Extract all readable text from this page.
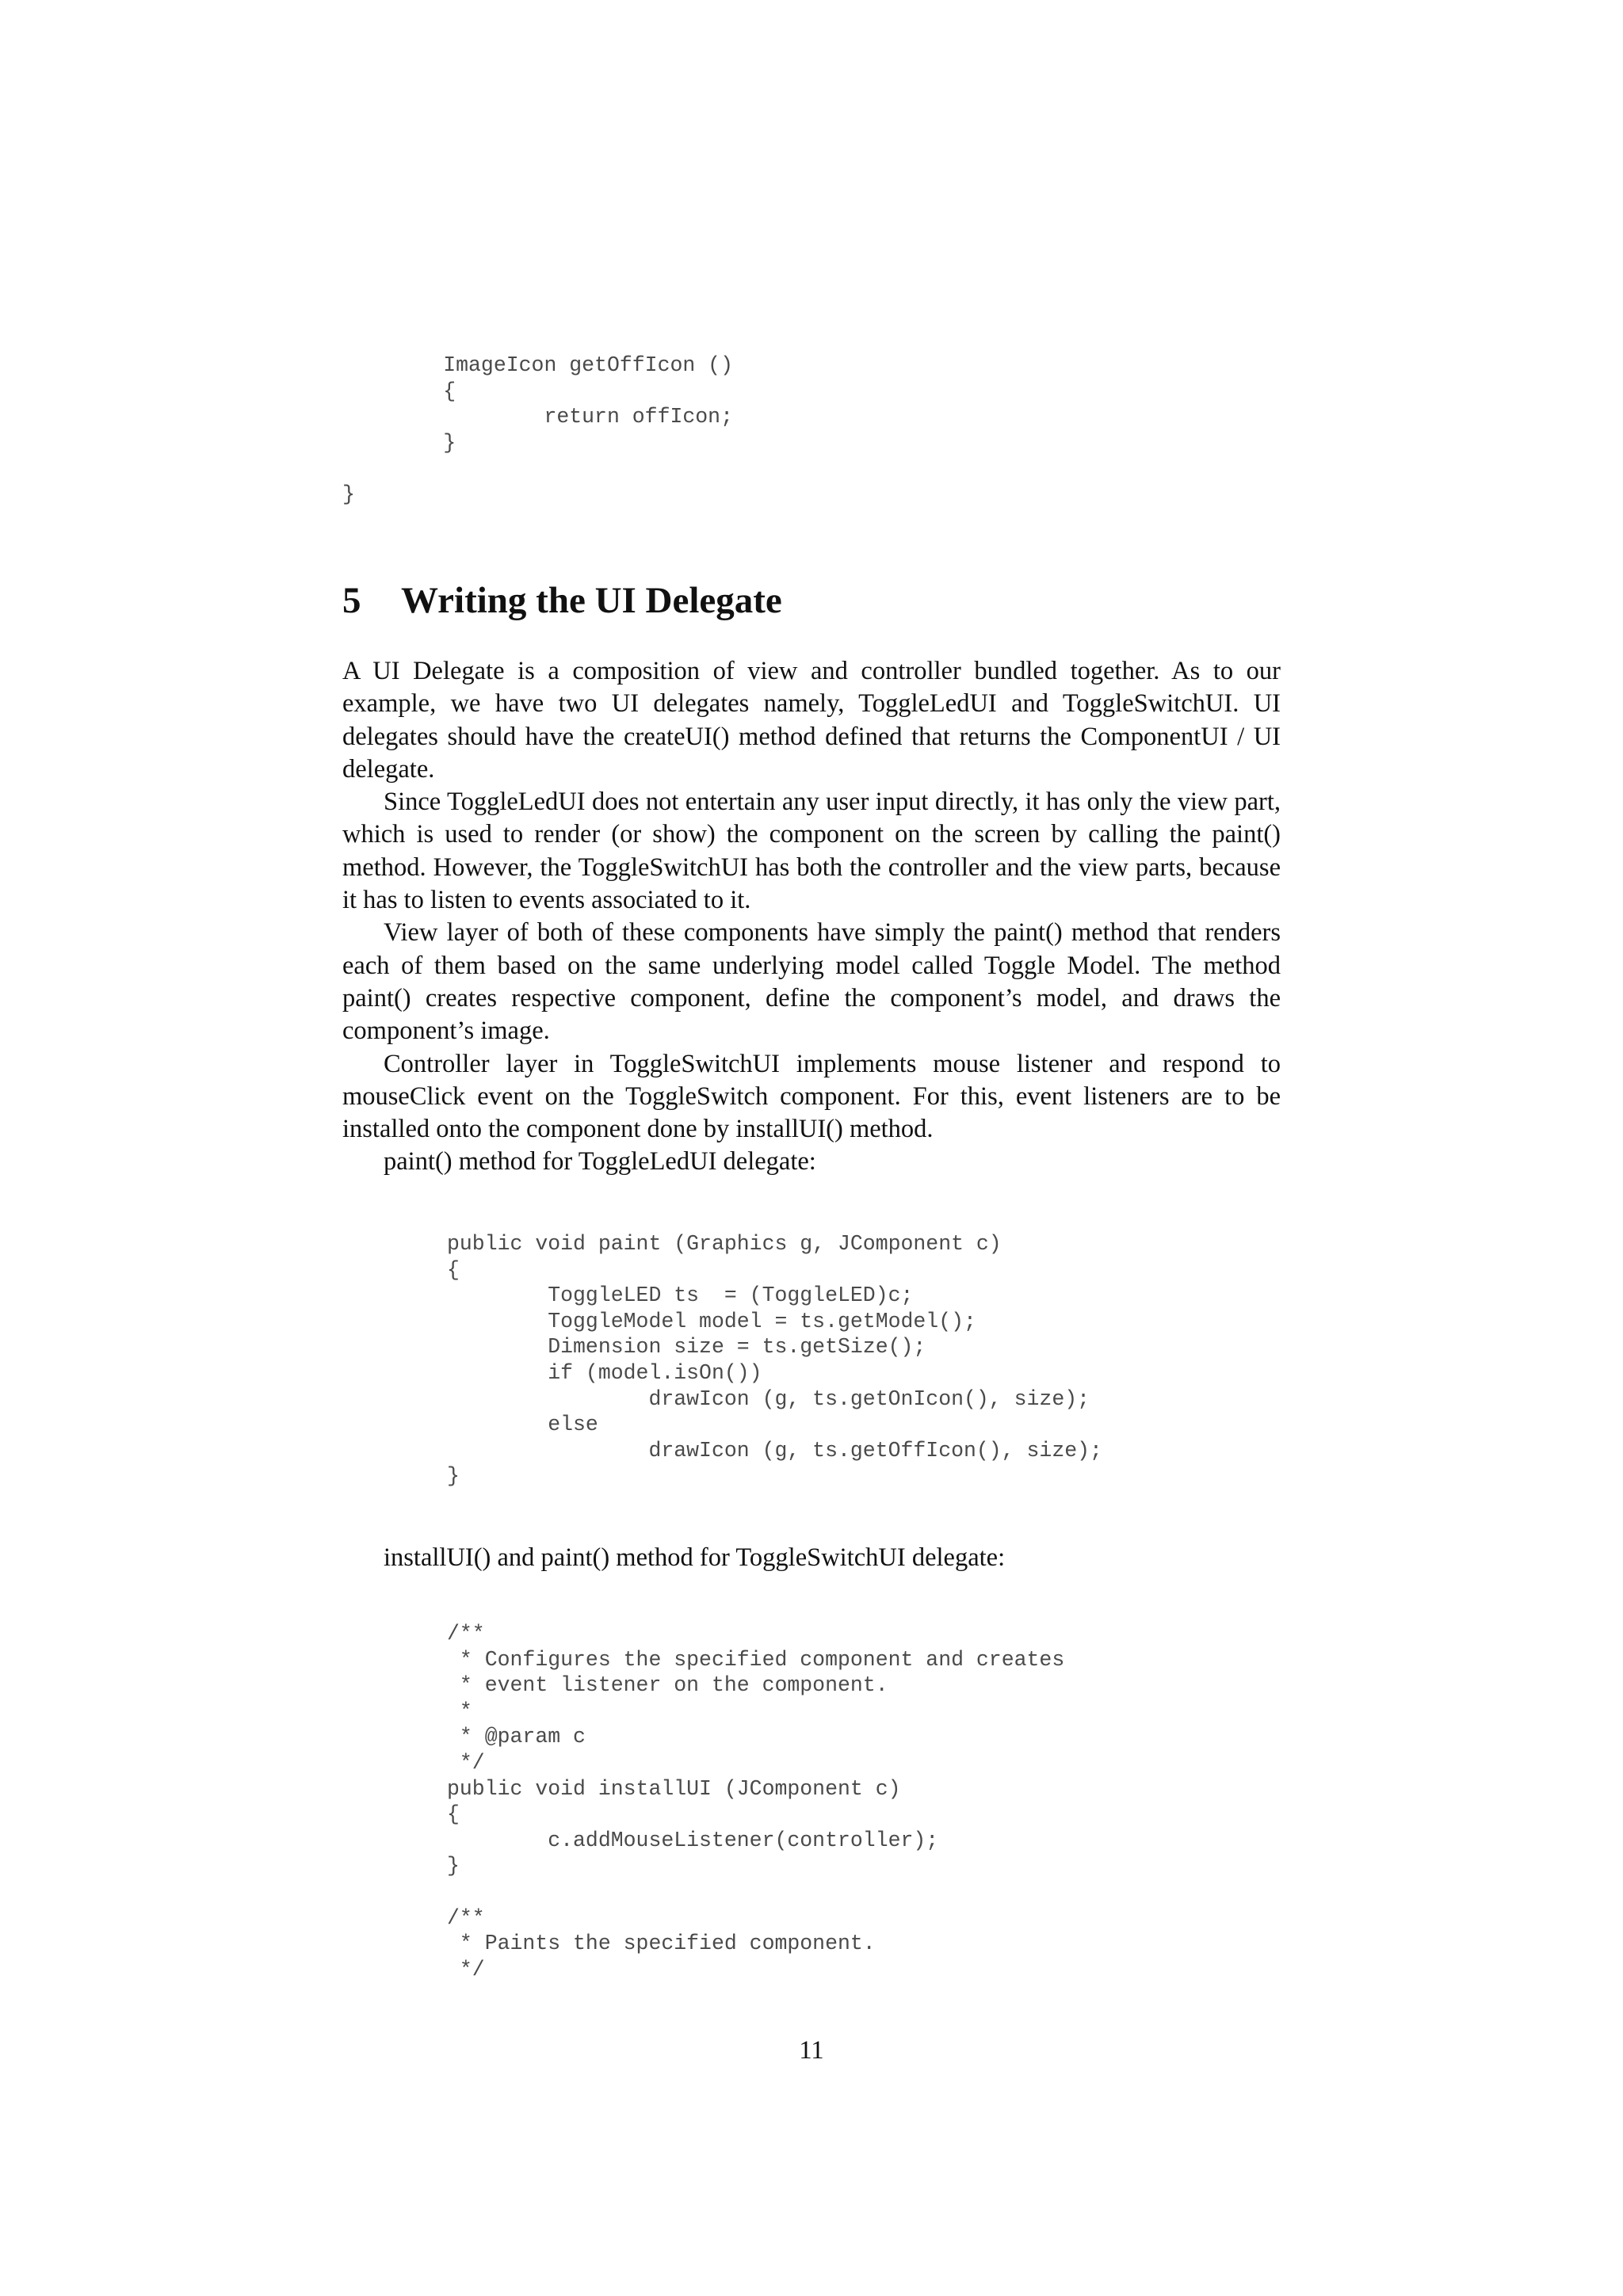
ImageIcon getOffIcon ()
{
return offIcon;
}

}

5 Writing the UI Delegate

A UI Delegate is a composition of view and controller bundled together. As to our example, we have two UI delegates namely, ToggleLedUI and ToggleSwitchUI. UI delegates should have the createUI() method defined that returns the ComponentUI / UI delegate.

Since ToggleLedUI does not entertain any user input directly, it has only the view part, which is used to render (or show) the component on the screen by calling the paint() method. However, the ToggleSwitchUI has both the controller and the view parts, because it has to listen to events associated to it.

View layer of both of these components have simply the paint() method that renders each of them based on the same underlying model called Toggle Model. The method paint() creates respective component, define the component’s model, and draws the component’s image.

Controller layer in ToggleSwitchUI implements mouse listener and respond to mouseClick event on the ToggleSwitch component. For this, event listeners are to be installed onto the component done by installUI() method.

paint() method for ToggleLedUI delegate:

public void paint (Graphics g, JComponent c)
{
ToggleLED ts  = (ToggleLED)c;
ToggleModel model = ts.getModel();
Dimension size = ts.getSize();
if (model.isOn())
drawIcon (g, ts.getOnIcon(), size);
else
drawIcon (g, ts.getOffIcon(), size);
}

installUI() and paint() method for ToggleSwitchUI delegate:

/**
* Configures the specified component and creates
* event listener on the component.
*
* @param c
*/
public void installUI (JComponent c)
{
c.addMouseListener(controller);
}

/**
* Paints the specified component.
*/

11
